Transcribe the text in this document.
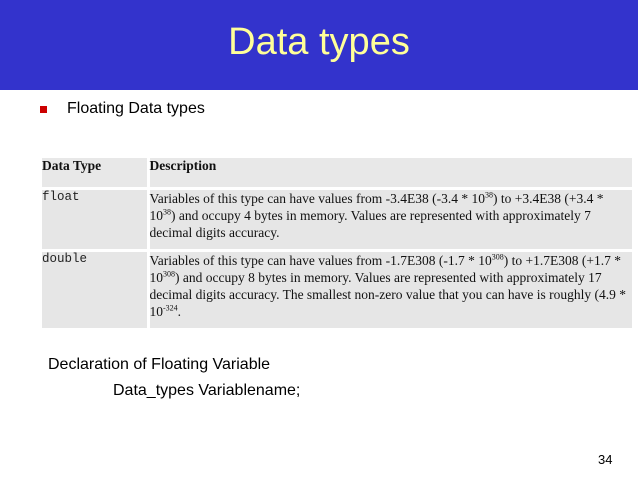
Data types
Floating Data types
Data Type	Description
float	Variables of this type can have values from -3.4E38 $(-3.4 * 10^{38})$ to +3.4E38 $(+3.4 * 10^{38})$ and occupy 4 bytes in memory. Values are represented with approximately 7 decimal digits accuracy.
double	Variables of this type can have values from -1.7E308 $(-1.7 * 10^{308})$ to +1.7E308 $(+1.7 * 10^{308})$ and occupy 8 bytes in memory. Values are represented with approximately 17 decimal digits accuracy. The smallest non-zero value that you can have is roughly ($4.9 * 10^{-324}$.
Declaration of Floating Variable
Data_types Variablename;
34
